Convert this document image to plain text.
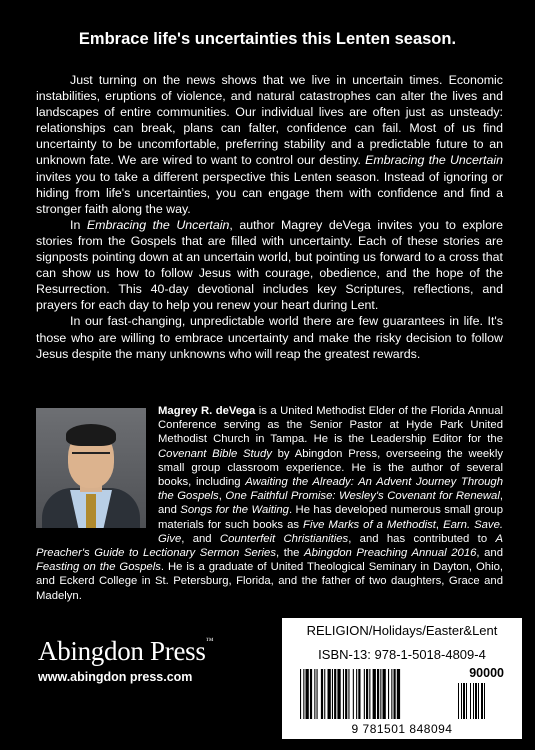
Embrace life's uncertainties this Lenten season.

Just turning on the news shows that we live in uncertain times. Economic instabilities, eruptions of violence, and natural catastrophes can alter the lives and landscapes of entire communities. Our individual lives are often just as unsteady: relationships can break, plans can falter, confidence can fail. Most of us find uncertainty to be uncomfortable, preferring stability and a predictable future to an unknown fate. We are wired to want to control our destiny. Embracing the Uncertain invites you to take a different perspective this Lenten season. Instead of ignoring or hiding from life's uncertainties, you can engage them with confidence and find a stronger faith along the way.

In Embracing the Uncertain, author Magrey deVega invites you to explore stories from the Gospels that are filled with uncertainty. Each of these stories are signposts pointing down at an uncertain world, but pointing us forward to a cross that can show us how to follow Jesus with courage, obedience, and the hope of the Resurrection. This 40-day devotional includes key Scriptures, reflections, and prayers for each day to help you renew your heart during Lent.

In our fast-changing, unpredictable world there are few guarantees in life. It's those who are willing to embrace uncertainty and make the risky decision to follow Jesus despite the many unknowns who will reap the greatest rewards.

Magrey R. deVega is a United Methodist Elder of the Florida Annual Conference serving as the Senior Pastor at Hyde Park United Methodist Church in Tampa. He is the Leadership Editor for the Covenant Bible Study by Abingdon Press, overseeing the weekly small group classroom experience. He is the author of several books, including Awaiting the Already: An Advent Journey Through the Gospels, One Faithful Promise: Wesley's Covenant for Renewal, and Songs for the Waiting. He has developed numerous small group materials for such books as Five Marks of a Methodist, Earn. Save. Give, and Counterfeit Christianities, and has contributed to A Preacher's Guide to Lectionary Sermon Series, the Abingdon Preaching Annual 2016, and Feasting on the Gospels. He is a graduate of United Theological Seminary in Dayton, Ohio, and Eckerd College in St. Petersburg, Florida, and the father of two daughters, Grace and Madelyn.
Abingdon Press™
www.abingdon press.com
RELIGION/Holidays/Easter&Lent
ISBN-13: 978-1-5018-4809-4
90000
9 781501 848094
